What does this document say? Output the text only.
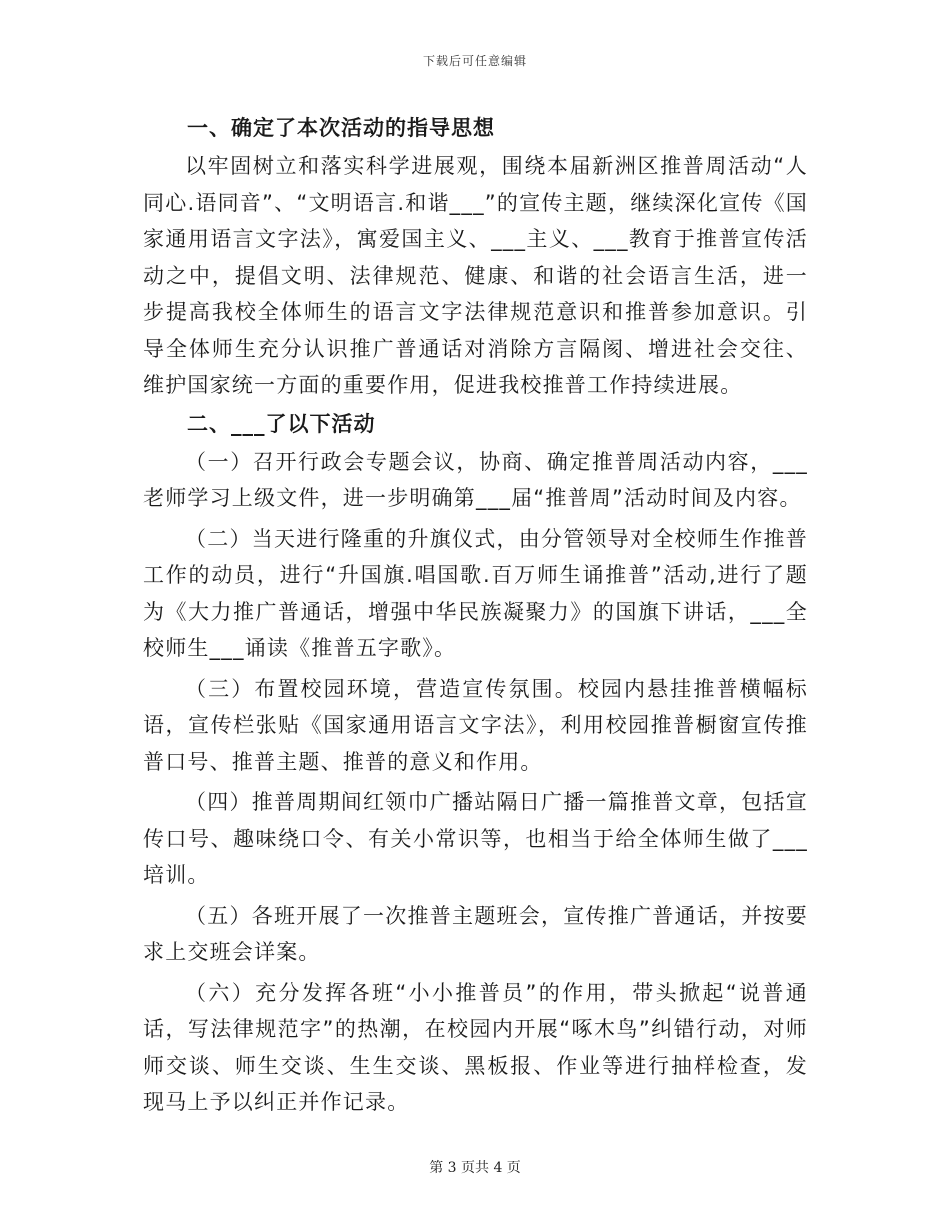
下载后可任意编辑
一、确定了本次活动的指导思想

以牢固树立和落实科学进展观，围绕本届新洲区推普周活动“人同心.语同音”、“文明语言.和谐___”的宣传主题，继续深化宣传《国家通用语言文字法》，寓爱国主义、___主义、___教育于推普宣传活动之中，提倡文明、法律规范、健康、和谐的社会语言生活，进一步提高我校全体师生的语言文字法律规范意识和推普参加意识。引导全体师生充分认识推广普通话对消除方言隔阂、增进社会交往、维护国家统一方面的重要作用，促进我校推普工作持续进展。

二、___了以下活动

（一）召开行政会专题会议，协商、确定推普周活动内容，___老师学习上级文件，进一步明确第___届“推普周”活动时间及内容。

（二）当天进行隆重的升旗仪式，由分管领导对全校师生作推普工作的动员，进行“升国旗.唱国歌.百万师生诵推普”活动,进行了题为《大力推广普通话，增强中华民族凝聚力》的国旗下讲话，___全校师生___诵读《推普五字歌》。

（三）布置校园环境，营造宣传氛围。校园内悬挂推普横幅标语，宣传栏张贴《国家通用语言文字法》，利用校园推普橱窗宣传推普口号、推普主题、推普的意义和作用。

（四）推普周期间红领巾广播站隔日广播一篇推普文章，包括宣传口号、趣味绕口令、有关小常识等，也相当于给全体师生做了___培训。

（五）各班开展了一次推普主题班会，宣传推广普通话，并按要求上交班会详案。

（六）充分发挥各班“小小推普员”的作用，带头掀起“说普通话，写法律规范字”的热潮，在校园内开展“啄木鸟”纠错行动，对师师交谈、师生交谈、生生交谈、黑板报、作业等进行抽样检查，发现马上予以纠正并作记录。

第 3 页共 4 页
